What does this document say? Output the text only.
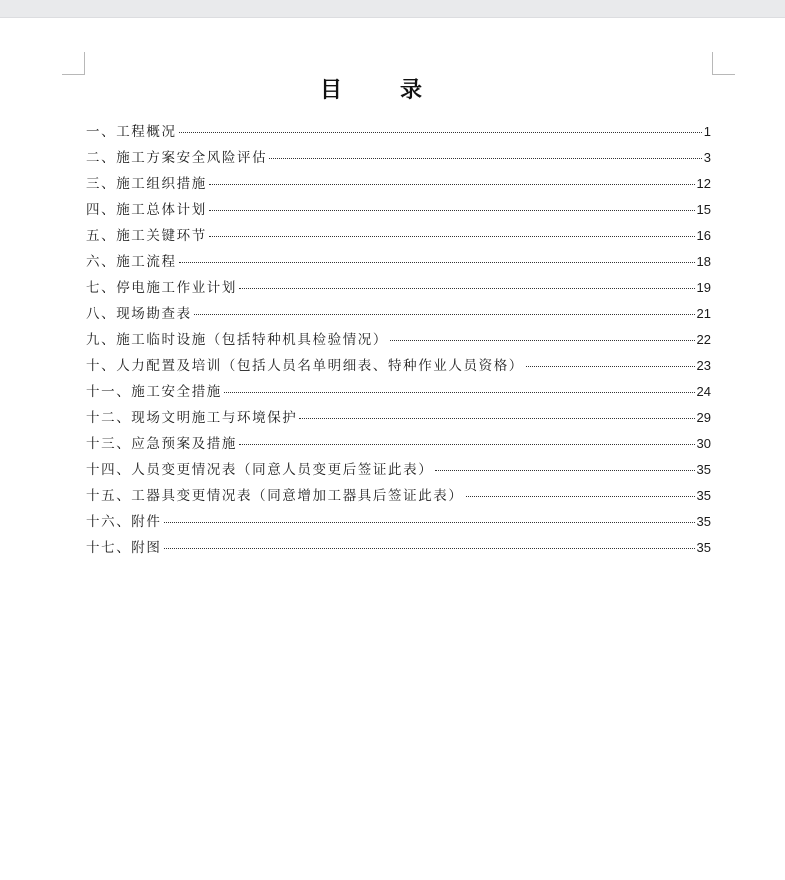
目录
一、工程概况	1
二、施工方案安全风险评估	3
三、施工组织措施	12
四、施工总体计划	15
五、施工关键环节	16
六、施工流程	18
七、停电施工作业计划	19
八、现场勘查表	21
九、施工临时设施（包括特种机具检验情况）	22
十、人力配置及培训（包括人员名单明细表、特种作业人员资格）	23
十一、施工安全措施	24
十二、现场文明施工与环境保护	29
十三、应急预案及措施	30
十四、人员变更情况表（同意人员变更后签证此表）	35
十五、工器具变更情况表（同意增加工器具后签证此表）	35
十六、附件	35
十七、附图	35
